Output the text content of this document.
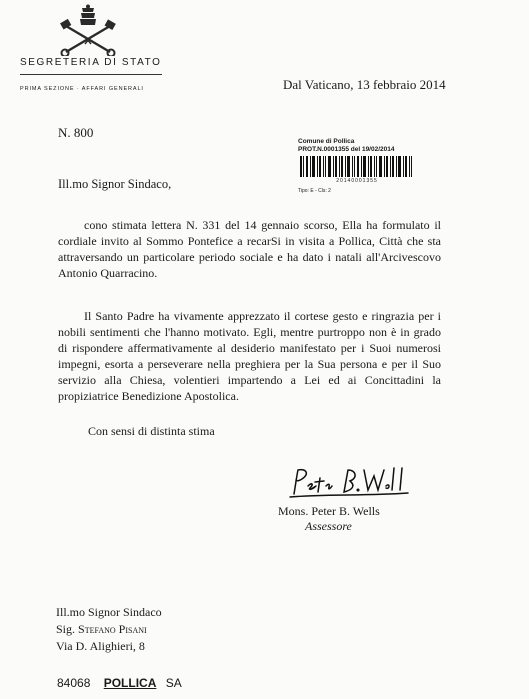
SEGRETERIA DI STATO
PRIMA SEZIONE · AFFARI GENERALI	Dal Vaticano, 13 febbraio 2014
N. 800
Comune di Pollica
PROT.N.0001355 del 19/02/2014
20140001355
Tipo: E - Cls: 2
Ill.mo Signor Sindaco,

cono stimata lettera N. 331 del 14 gennaio scorso, Ella ha formulato il cordiale invito al Sommo Pontefice a recarSi in visita a Pollica, Città che sta attraversando un particolare periodo sociale e ha dato i natali all'Arcivescovo Antonio Quarracino.

Il Santo Padre ha vivamente apprezzato il cortese gesto e ringrazia per i nobili sentimenti che l'hanno motivato. Egli, mentre purtroppo non è in grado di rispondere affermativamente al desiderio manifestato per i Suoi numerosi impegni, esorta a perseverare nella preghiera per la Sua persona e per il Suo servizio alla Chiesa, volentieri impartendo a Lei ed ai Concittadini la propiziatrice Benedizione Apostolica.

Con sensi di distinta stima
Mons. Peter B. Wells
Assessore
Ill.mo Signor Sindaco
Sig. Stefano Pisani
Via D. Alighieri, 8
84068 POLLICA SA
